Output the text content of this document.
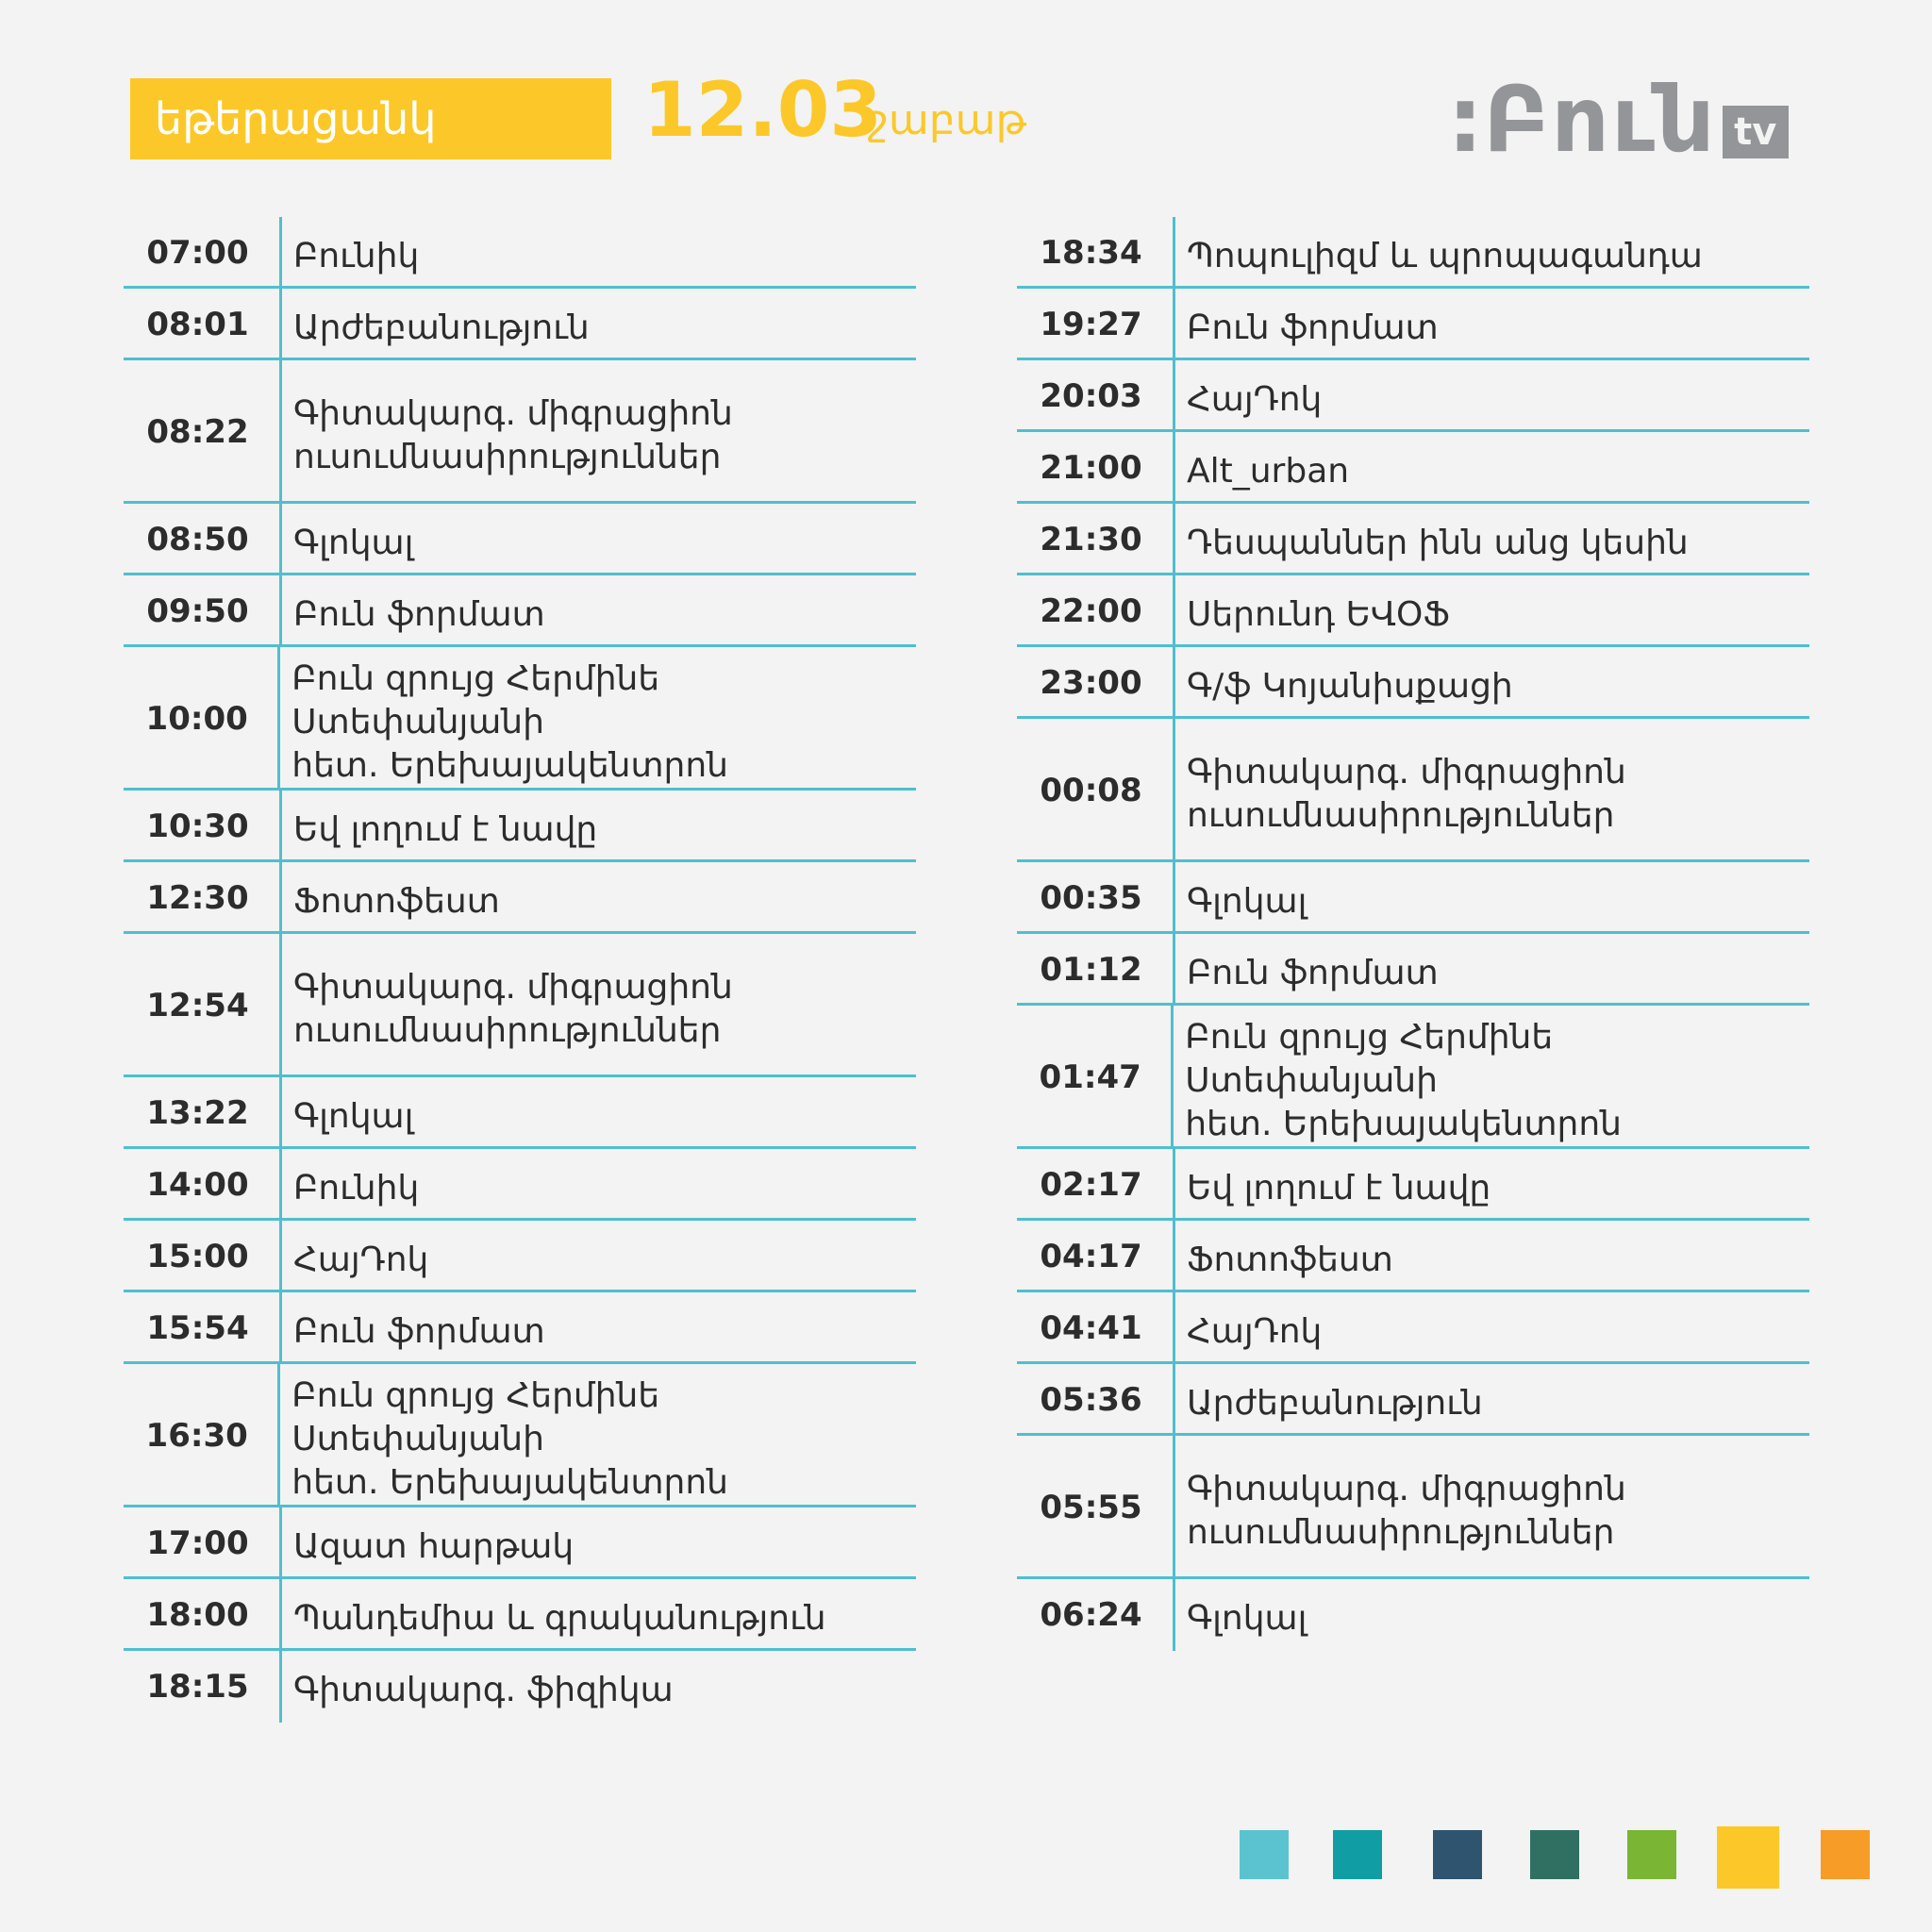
եթերացանկ	12.03
շաբաթ	: Բուն tv
07:00	Բունիկ
08:01	Արժեբանություն
08:22	Գիտակարգ. միգրացիոն
ուսումնասիրություններ
08:50	Գլոկալ
09:50	Բուն ֆորմատ
10:00
Բուն զրույց Հերմինե Ստեփանյանի
հետ. Երեխայակենտրոն
10:30	Եվ լողում է նավը
12:30	Ֆոտոֆեստ
12:54	Գիտակարգ. միգրացիոն
ուսումնասիրություններ
13:22	Գլոկալ
14:00	Բունիկ
15:00	ՀայԴոկ
15:54	Բուն ֆորմատ
16:30
Բուն զրույց Հերմինե Ստեփանյանի
հետ. Երեխայակենտրոն
17:00	Ազատ հարթակ
18:00	Պանդեմիա և գրականություն
18:15	Գիտակարգ. ֆիզիկա
18:34	Պոպուլիզմ և պրոպագանդա
19:27	Բուն ֆորմատ
20:03	ՀայԴոկ
21:00	Alt_urban
21:30	Դեսպաններ ինն անց կեսին
22:00	Սերունդ ԵՎՕՖ
23:00	Գ/ֆ Կոյանիսքացի
00:08	Գիտակարգ. միգրացիոն
ուսումնասիրություններ
00:35	Գլոկալ
01:12	Բուն ֆորմատ
01:47
Բուն զրույց Հերմինե Ստեփանյանի
հետ. Երեխայակենտրոն
02:17	Եվ լողում է նավը
04:17	Ֆոտոֆեստ
04:41	ՀայԴոկ
05:36	Արժեբանություն
05:55	Գիտակարգ. միգրացիոն
ուսումնասիրություններ
06:24	Գլոկալ
